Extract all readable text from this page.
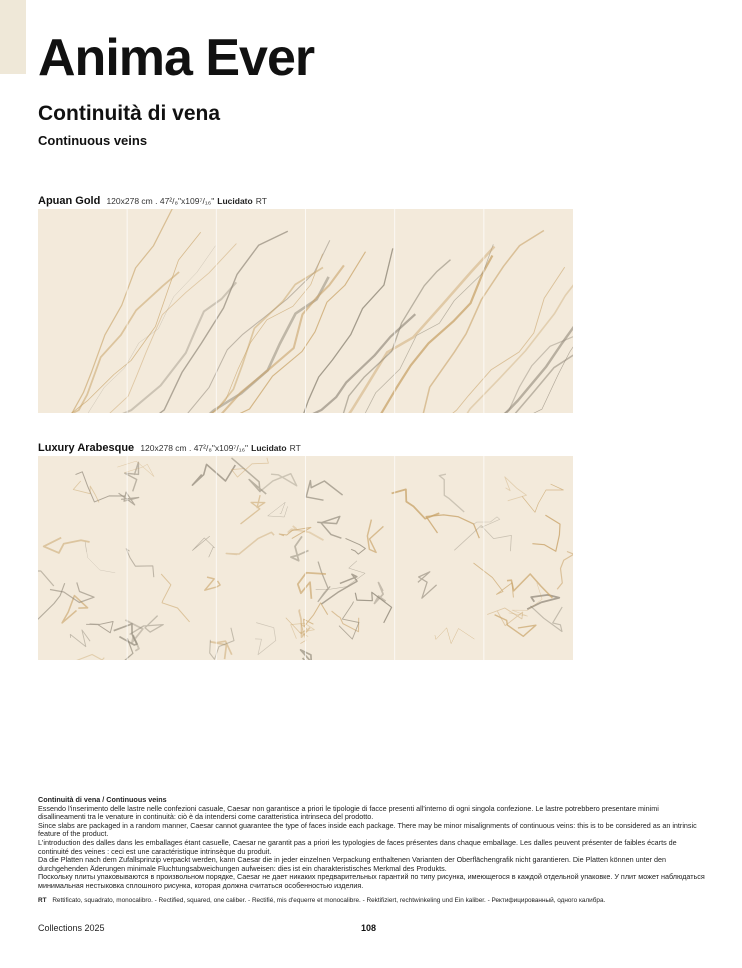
Anima Ever
Continuità di vena
Continuous veins
Apuan Gold 120x278 cm . 47²/₈"x109⁷/₁₆" Lucidato RT
Luxury Arabesque 120x278 cm . 47²/₈"x109⁷/₁₆" Lucidato RT

Continuità di vena / Continuous veins

Essendo l'inserimento delle lastre nelle confezioni casuale, Caesar non garantisce a priori le tipologie di facce presenti all'interno di ogni singola confezione. Le lastre potrebbero presentare minimi disallineamenti tra le venature in continuità: ciò è da intendersi come caratteristica intrinseca del prodotto.

Since slabs are packaged in a random manner, Caesar cannot guarantee the type of faces inside each package. There may be minor misalignments of continuous veins: this is to be considered as an intrinsic feature of the product.

L'introduction des dalles dans les emballages étant casuelle, Caesar ne garantit pas a priori les typologies de faces présentes dans chaque emballage. Les dalles peuvent présenter de faibles écarts de continuité des veines : ceci est une caractéristique intrinsèque du produit.

Da die Platten nach dem Zufallsprinzip verpackt werden, kann Caesar die in jeder einzelnen Verpackung enthaltenen Varianten der Oberflächengrafik nicht garantieren. Die Platten können unter den durchgehenden Äderungen minimale Fluchtungsabweichungen aufweisen: dies ist ein charakteristisches Merkmal des Produkts.

Поскольку плиты упаковываются в произвольном порядке, Caesar не дает никаких предварительных гарантий по типу рисунка, имеющегося в каждой отдельной упаковке. У плит может наблюдаться минимальная нестыковка сплошного рисунка, которая должна считаться особенностью изделия.

RT Rettificato, squadrato, monocalibro. - Rectified, squared, one caliber. - Rectifié, mis d'equerre et monocalibre. - Rektifiziert, rechtwinkeling und Ein kaliber. - Ректифицированный, одного калибра.
Collections 2025	108
